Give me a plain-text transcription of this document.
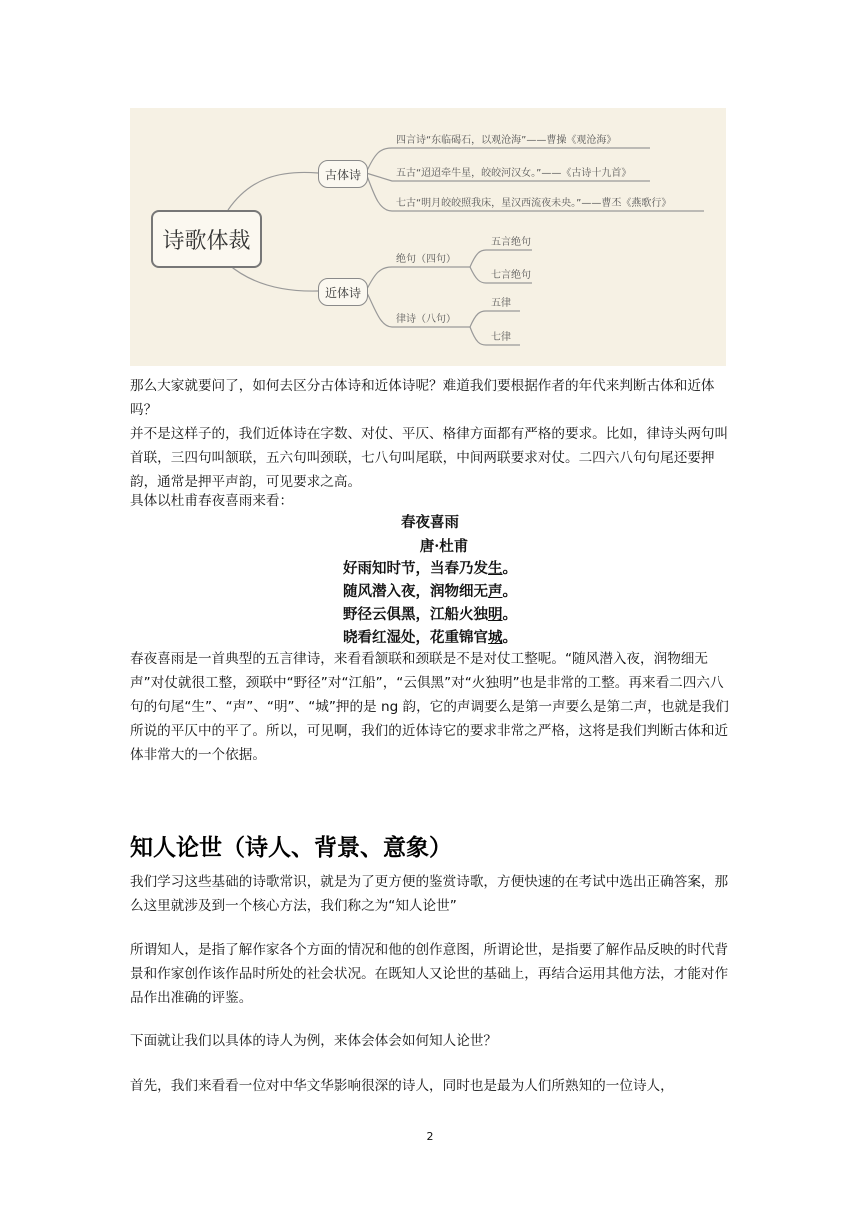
诗歌体裁
古体诗
近体诗
四言诗“东临碣石，以观沧海”——曹操《观沧海》
五古“迢迢牵牛星，皎皎河汉女。”——《古诗十九首》
七古“明月皎皎照我床，星汉西流夜未央。”——曹丕《燕歌行》
绝句（四句）
律诗（八句）
五言绝句
七言绝句
五律
七律
那么大家就要问了，如何去区分古体诗和近体诗呢？难道我们要根据作者的年代来判断古体和近体吗？
并不是这样子的，我们近体诗在字数、对仗、平仄、格律方面都有严格的要求。比如，律诗头两句叫首联，三四句叫颔联，五六句叫颈联，七八句叫尾联，中间两联要求对仗。二四六八句句尾还要押韵，通常是押平声韵，可见要求之高。
具体以杜甫春夜喜雨来看：
春夜喜雨
唐·杜甫
好雨知时节，当春乃发生。
随风潜入夜，润物细无声。
野径云俱黑，江船火独明。
晓看红湿处，花重锦官城。
春夜喜雨是一首典型的五言律诗，来看看颔联和颈联是不是对仗工整呢。“随风潜入夜，润物细无声”对仗就很工整，颈联中“野径”对“江船”，“云俱黑”对“火独明”也是非常的工整。再来看二四六八句的句尾“生”、“声”、“明”、“城”押的是 ng 韵，它的声调要么是第一声要么是第二声，也就是我们所说的平仄中的平了。所以，可见啊，我们的近体诗它的要求非常之严格，这将是我们判断古体和近体非常大的一个依据。
知人论世（诗人、背景、意象）
我们学习这些基础的诗歌常识，就是为了更方便的鉴赏诗歌，方便快速的在考试中选出正确答案，那么这里就涉及到一个核心方法，我们称之为“知人论世”
所谓知人，是指了解作家各个方面的情况和他的创作意图，所谓论世，是指要了解作品反映的时代背景和作家创作该作品时所处的社会状况。在既知人又论世的基础上，再结合运用其他方法，才能对作品作出准确的评鉴。
下面就让我们以具体的诗人为例，来体会体会如何知人论世？
首先，我们来看看一位对中华文华影响很深的诗人，同时也是最为人们所熟知的一位诗人，
2
